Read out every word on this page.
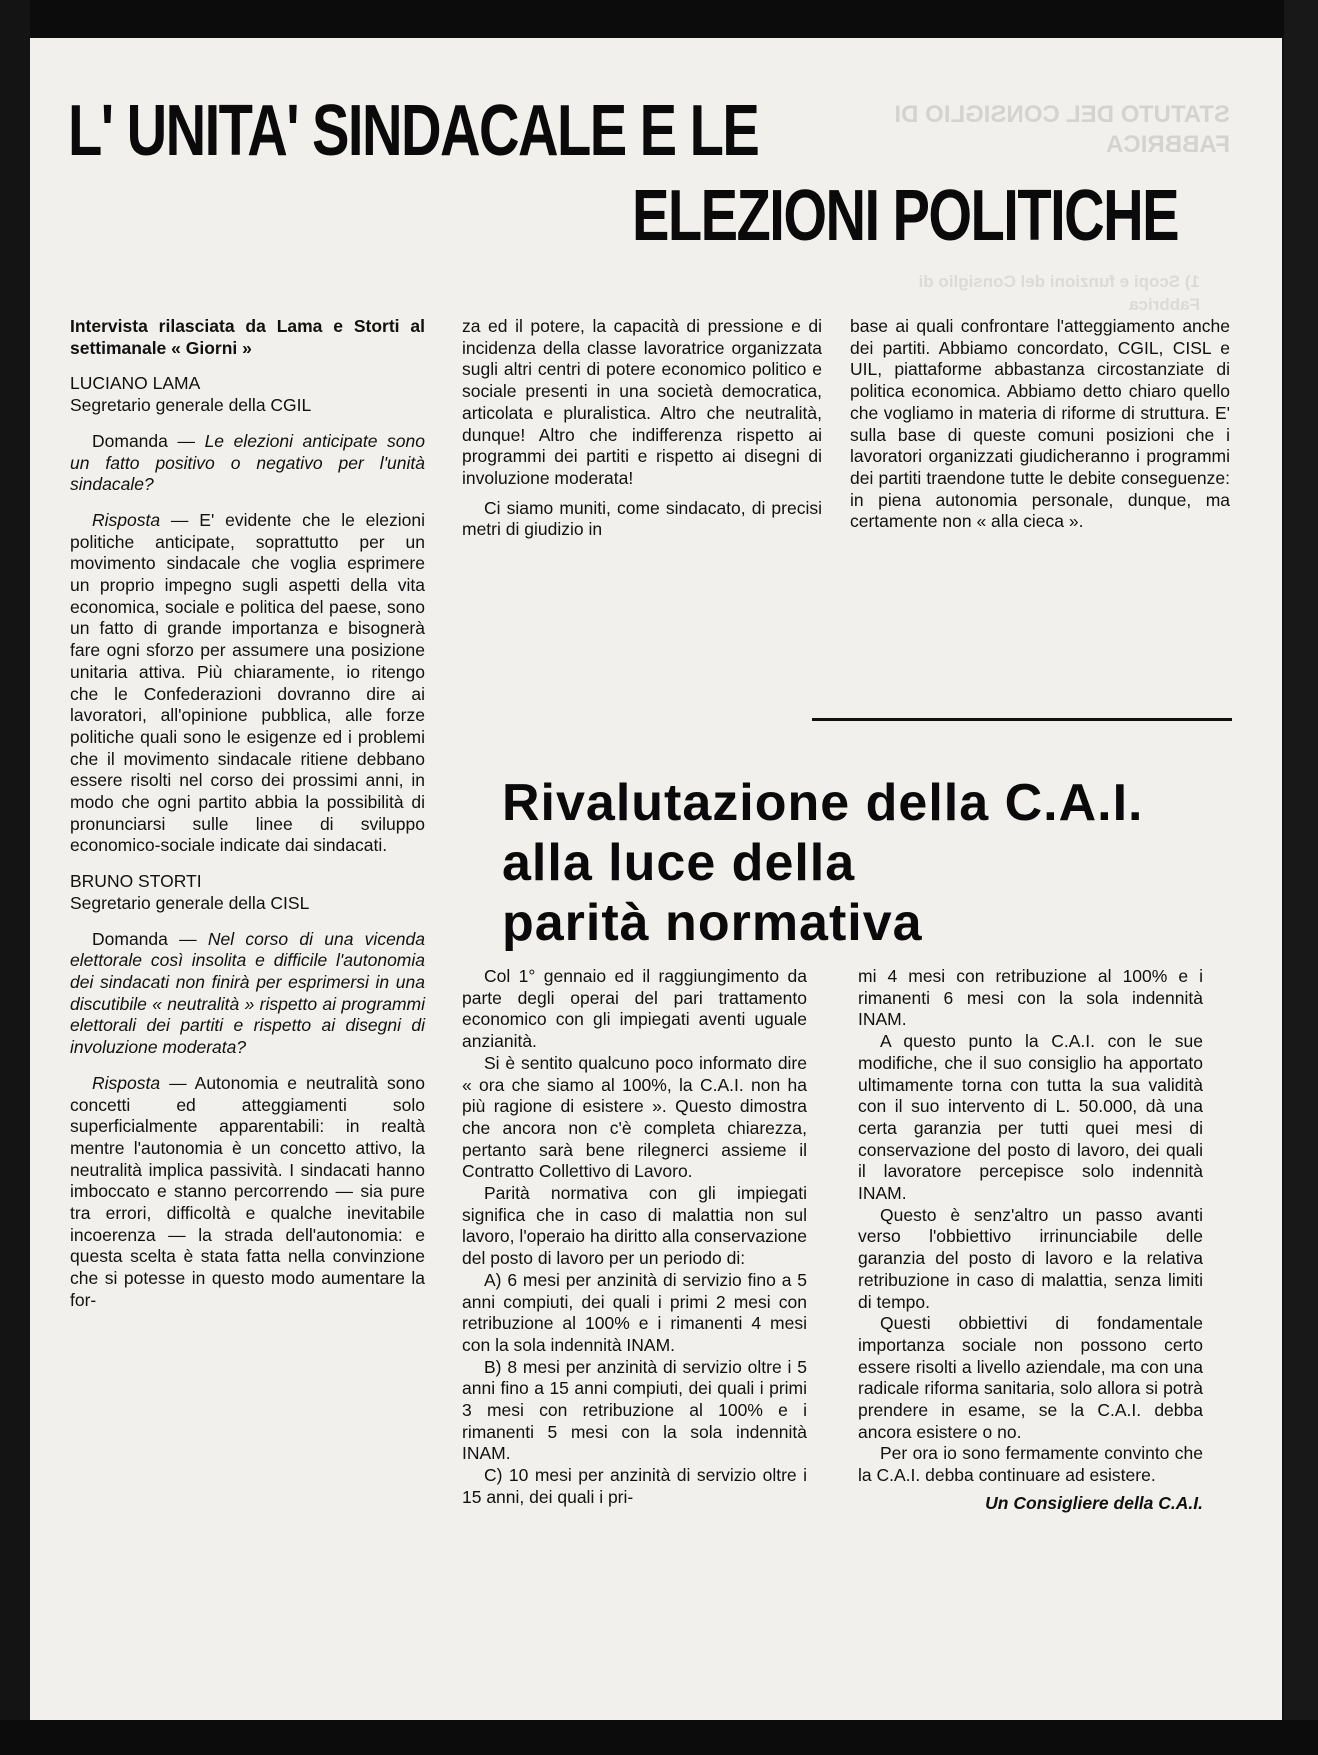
STATUTO DEL CONSIGLIO DI FABBRICA
1) Scopi e funzioni del Consiglio di Fabbrica
L' UNITA' SINDACALE E LE
ELEZIONI POLITICHE

Intervista rilasciata da Lama e Storti al settimanale « Giorni »

LUCIANO LAMA

Segretario generale della CGIL

Domanda — Le elezioni anticipate sono un fatto positivo o negativo per l'unità sindacale?

Risposta — E' evidente che le elezioni politiche anticipate, soprattutto per un movimento sindacale che voglia esprimere un proprio impegno sugli aspetti della vita economica, sociale e politica del paese, sono un fatto di grande importanza e bisognerà fare ogni sforzo per assumere una posizione unitaria attiva. Più chiaramente, io ritengo che le Confederazioni dovranno dire ai lavoratori, all'opinione pubblica, alle forze politiche quali sono le esigenze ed i problemi che il movimento sindacale ritiene debbano essere risolti nel corso dei prossimi anni, in modo che ogni partito abbia la possibilità di pronunciarsi sulle linee di sviluppo economico-sociale indicate dai sindacati.

BRUNO STORTI

Segretario generale della CISL

Domanda — Nel corso di una vicenda elettorale così insolita e difficile l'autonomia dei sindacati non finirà per esprimersi in una discutibile « neutralità » rispetto ai programmi elettorali dei partiti e rispetto ai disegni di involuzione moderata?

Risposta — Autonomia e neutralità sono concetti ed atteggiamenti solo superficialmente apparentabili: in realtà mentre l'autonomia è un concetto attivo, la neutralità implica passività. I sindacati hanno imboccato e stanno percorrendo — sia pure tra errori, difficoltà e qualche inevitabile incoerenza — la strada dell'autonomia: e questa scelta è stata fatta nella convinzione che si potesse in questo modo aumentare la for-

za ed il potere, la capacità di pressione e di incidenza della classe lavoratrice organizzata sugli altri centri di potere economico politico e sociale presenti in una società democratica, articolata e pluralistica. Altro che neutralità, dunque! Altro che indifferenza rispetto ai programmi dei partiti e rispetto ai disegni di involuzione moderata!

Ci siamo muniti, come sindacato, di precisi metri di giudizio in

base ai quali confrontare l'atteggiamento anche dei partiti. Abbiamo concordato, CGIL, CISL e UIL, piattaforme abbastanza circostanziate di politica economica. Abbiamo detto chiaro quello che vogliamo in materia di riforme di struttura. E' sulla base di queste comuni posizioni che i lavoratori organizzati giudicheranno i programmi dei partiti traendone tutte le debite conseguenze: in piena autonomia personale, dunque, ma certamente non « alla cieca ».

Rivalutazione della C.A.I.
alla luce della
parità normativa

Col 1° gennaio ed il raggiungimento da parte degli operai del pari trattamento economico con gli impiegati aventi uguale anzianità.

Si è sentito qualcuno poco informato dire « ora che siamo al 100%, la C.A.I. non ha più ragione di esistere ». Questo dimostra che ancora non c'è completa chiarezza, pertanto sarà bene rilegnerci assieme il Contratto Collettivo di Lavoro.

Parità normativa con gli impiegati significa che in caso di malattia non sul lavoro, l'operaio ha diritto alla conservazione del posto di lavoro per un periodo di:

A) 6 mesi per anzinità di servizio fino a 5 anni compiuti, dei quali i primi 2 mesi con retribuzione al 100% e i rimanenti 4 mesi con la sola indennità INAM.

B) 8 mesi per anzinità di servizio oltre i 5 anni fino a 15 anni compiuti, dei quali i primi 3 mesi con retribuzione al 100% e i rimanenti 5 mesi con la sola indennità INAM.

C) 10 mesi per anzinità di servizio oltre i 15 anni, dei quali i pri-

mi 4 mesi con retribuzione al 100% e i rimanenti 6 mesi con la sola indennità INAM.

A questo punto la C.A.I. con le sue modifiche, che il suo consiglio ha apportato ultimamente torna con tutta la sua validità con il suo intervento di L. 50.000, dà una certa garanzia per tutti quei mesi di conservazione del posto di lavoro, dei quali il lavoratore percepisce solo indennità INAM.

Questo è senz'altro un passo avanti verso l'obbiettivo irrinunciabile delle garanzia del posto di lavoro e la relativa retribuzione in caso di malattia, senza limiti di tempo.

Questi obbiettivi di fondamentale importanza sociale non possono certo essere risolti a livello aziendale, ma con una radicale riforma sanitaria, solo allora si potrà prendere in esame, se la C.A.I. debba ancora esistere o no.

Per ora io sono fermamente convinto che la C.A.I. debba continuare ad esistere.

Un Consigliere della C.A.I.
